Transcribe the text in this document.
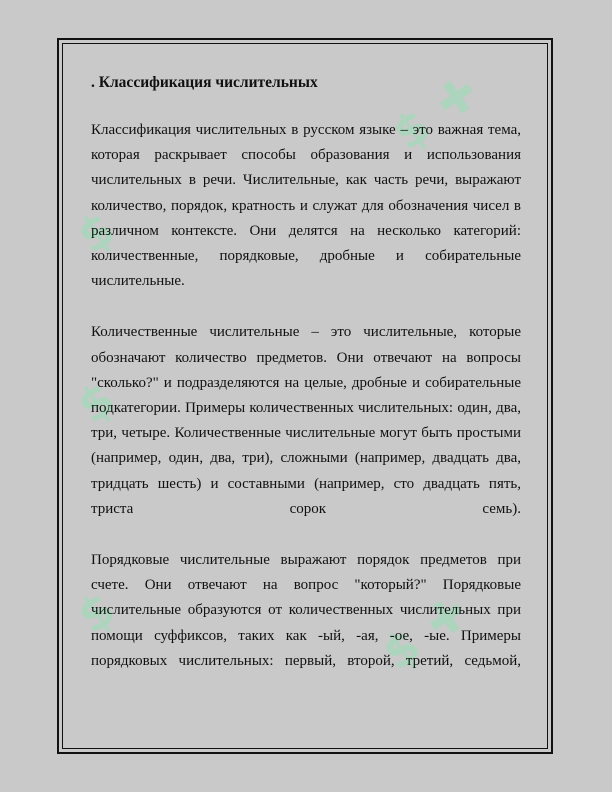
$ ✚
$
$
$	$ ✚
. Классификация числительных

Классификация числительных в русском языке – это важная тема, которая раскрывает способы образования и использования числительных в речи. Числительные, как часть речи, выражают количество, порядок, кратность и служат для обозначения чисел в различном контексте. Они делятся на несколько категорий: количественные, порядковые, дробные и собирательные числительные.

Количественные числительные – это числительные, которые обозначают количество предметов. Они отвечают на вопросы "сколько?" и подразделяются на целые, дробные и собирательные подкатегории. Примеры количественных числительных: один, два, три, четыре. Количественные числительные могут быть простыми (например, один, два, три), сложными (например, двадцать два, тридцать шесть) и составными (например, сто двадцать пять, триста сорок семь).

Порядковые числительные выражают порядок предметов при счете. Они отвечают на вопрос "который?" Порядковые числительные образуются от количественных числительных при помощи суффиксов, таких как -ый, -ая, -ое, -ые. Примеры порядковых числительных: первый, второй, третий, седьмой,
